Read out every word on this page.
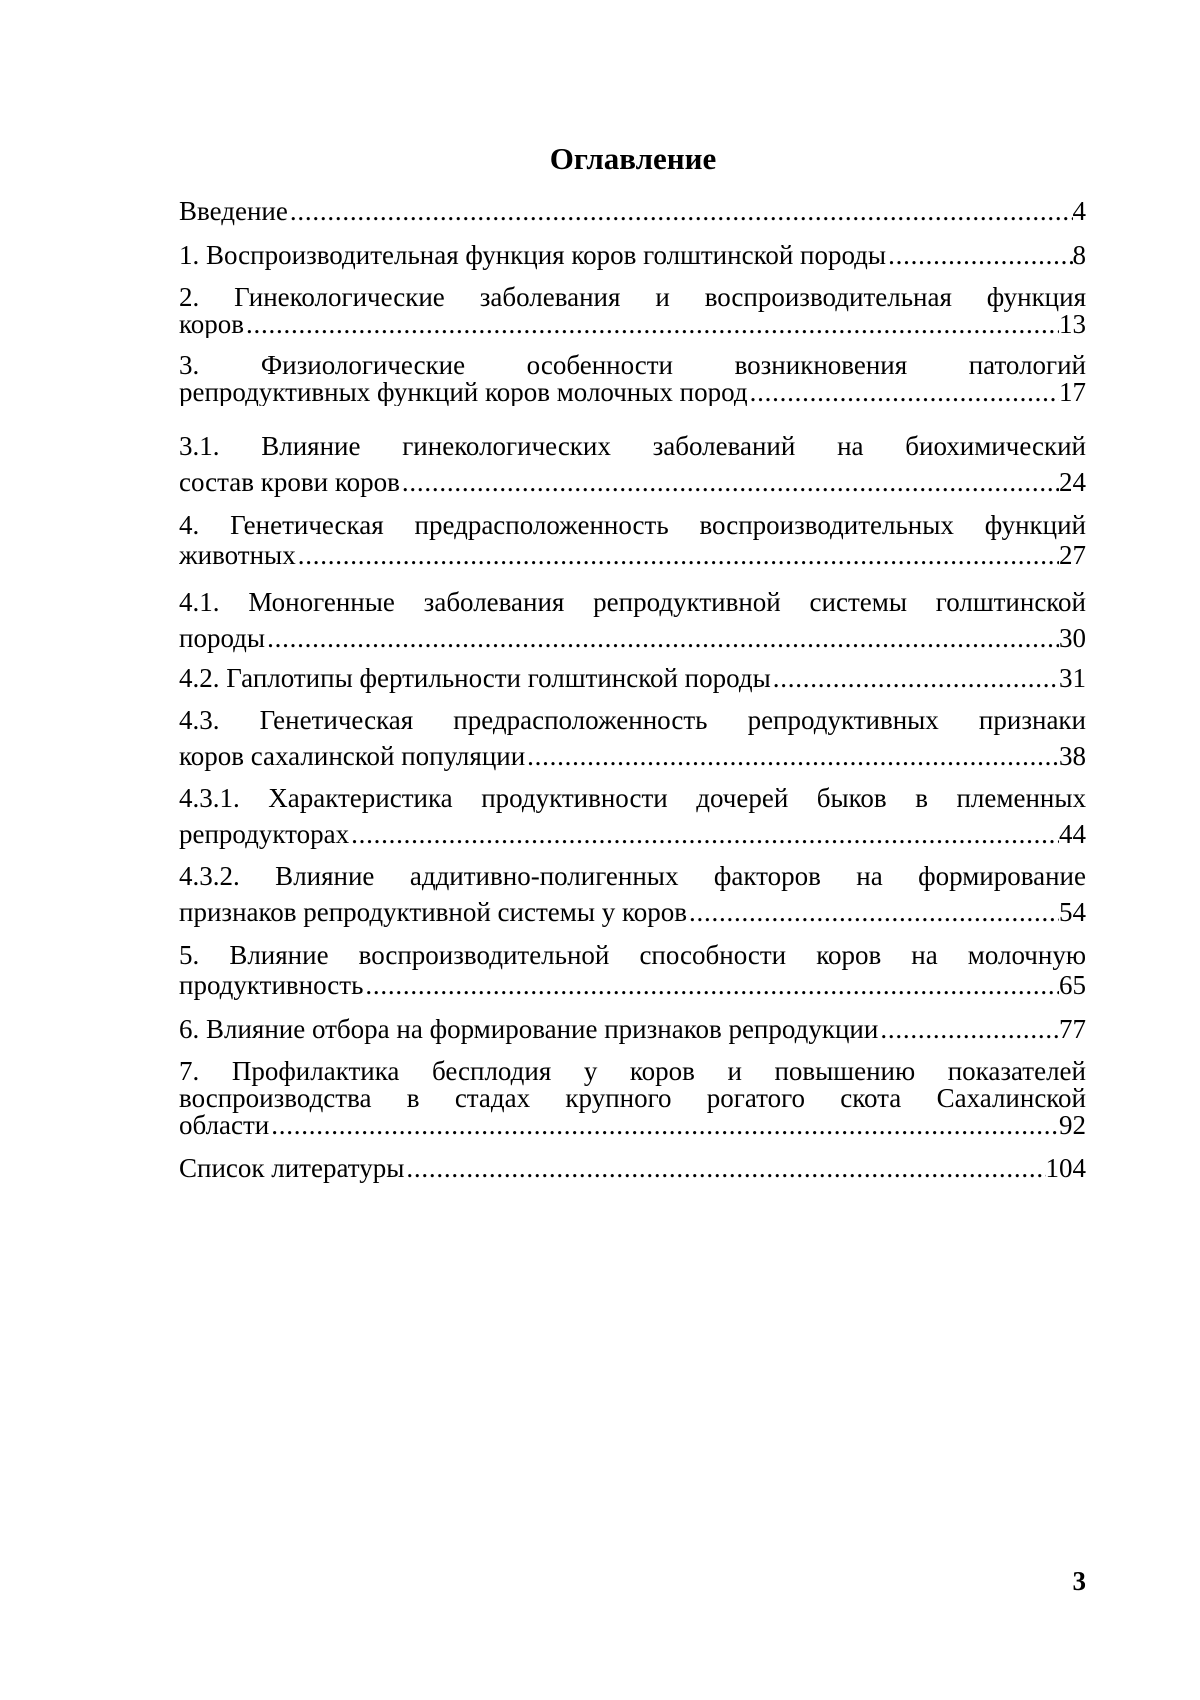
Оглавление
Введение . . .	4
1. Воспроизводительная функция коров голштинской породы . . .	8
2. Гинекологические заболевания и воспроизводительная функция
коров . . .	13
3. Физиологические особенности возникновения патологий
репродуктивных функций коров молочных пород . . .	17
3.1. Влияние гинекологических заболеваний на биохимический
состав крови коров . . .	24
4. Генетическая предрасположенность воспроизводительных функций
животных . . .	27
4.1. Моногенные заболевания репродуктивной системы голштинской
породы . . .	30
4.2. Гаплотипы фертильности голштинской породы . . .	31
4.3. Генетическая предрасположенность репродуктивных признаки
коров сахалинской популяции . . .	38
4.3.1. Характеристика продуктивности дочерей быков в племенных
репродукторах . . .	44
4.3.2. Влияние аддитивно-полигенных факторов на формирование
признаков репродуктивной системы у коров . . .	54
5. Влияние воспроизводительной способности коров на молочную
продуктивность . . .	65
6. Влияние отбора на формирование признаков репродукции . . .	77
7. Профилактика бесплодия у коров и повышению показателей
воспроизводства в стадах крупного рогатого скота Сахалинской
области . . .	92
Список литературы . . .	104
3
